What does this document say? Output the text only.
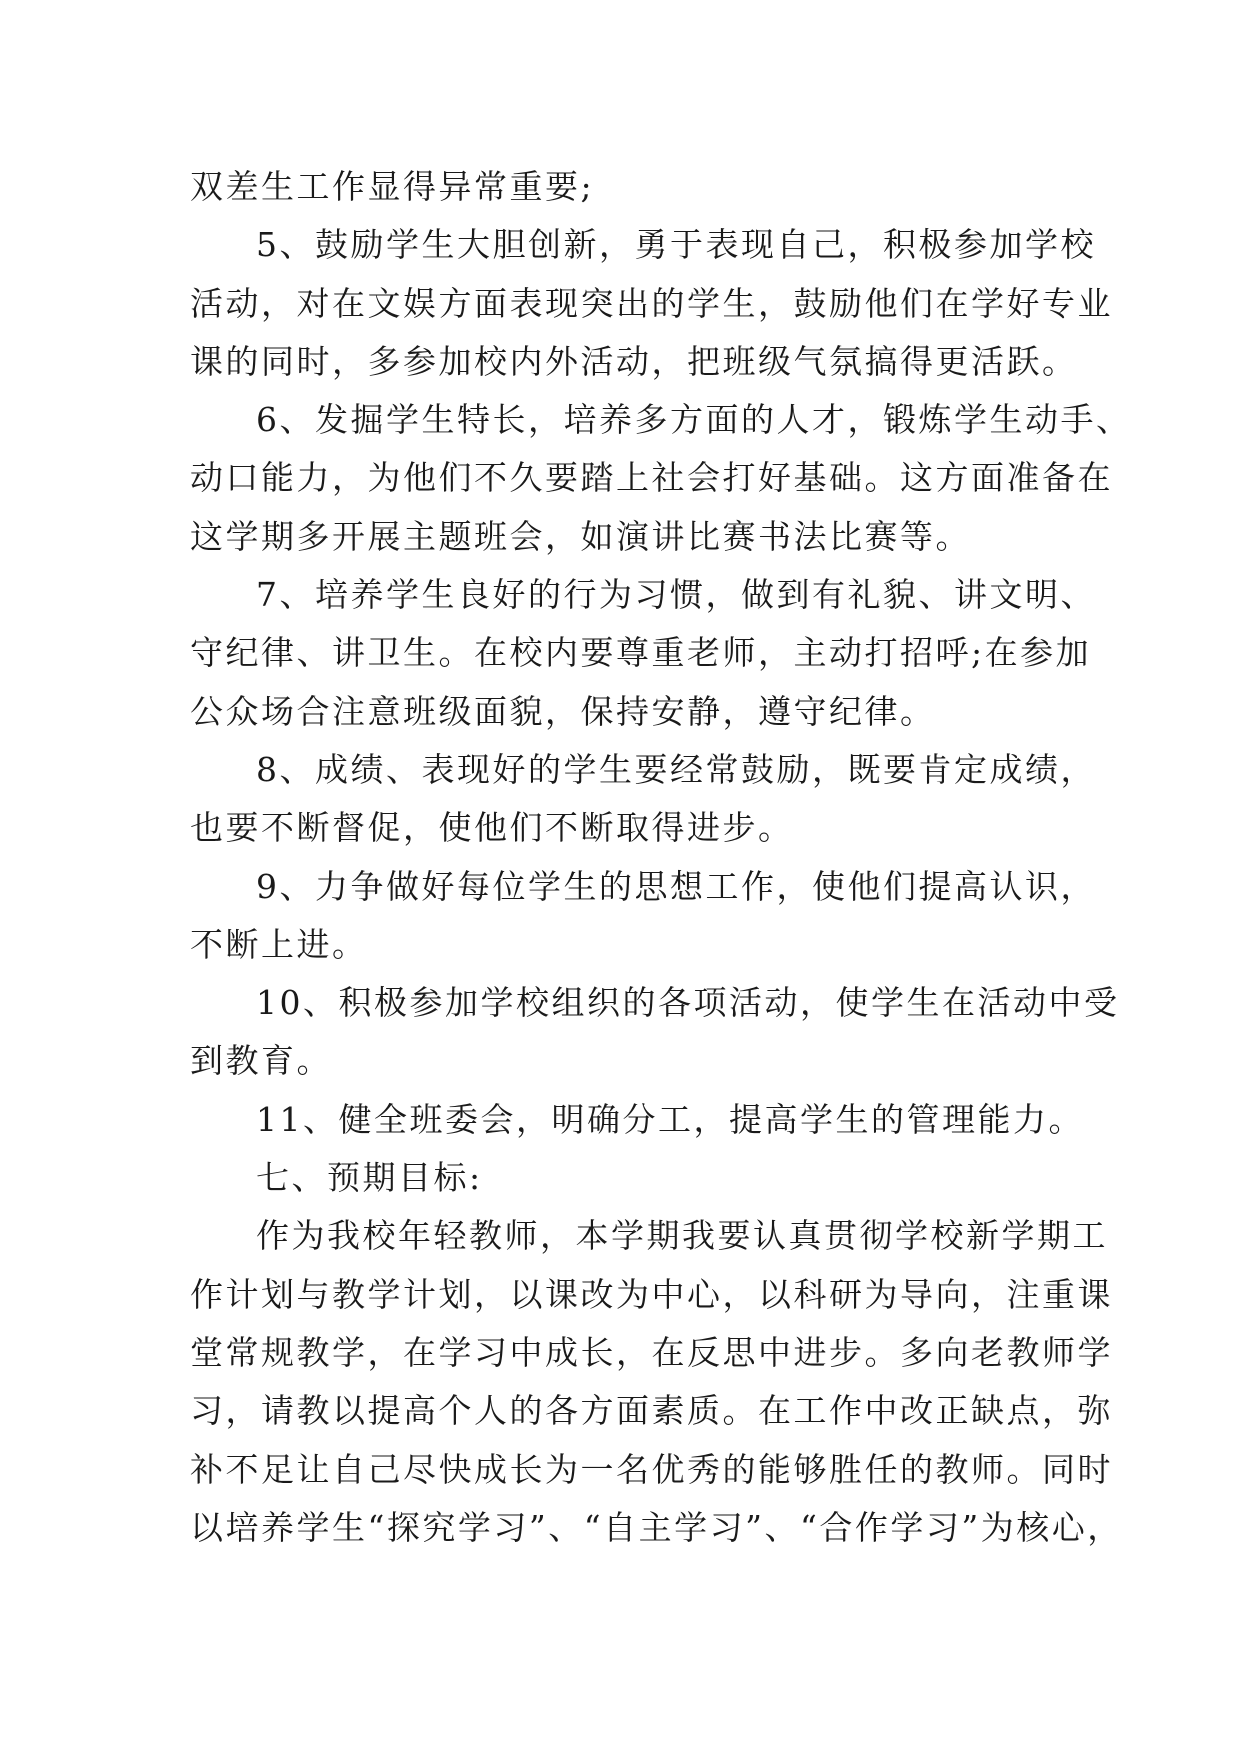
双差生工作显得异常重要;

5、鼓励学生大胆创新，勇于表现自己，积极参加学校
活动，对在文娱方面表现突出的学生，鼓励他们在学好专业
课的同时，多参加校内外活动，把班级气氛搞得更活跃。

6、发掘学生特长，培养多方面的人才，锻炼学生动手、
动口能力，为他们不久要踏上社会打好基础。这方面准备在
这学期多开展主题班会，如演讲比赛书法比赛等。

7、培养学生良好的行为习惯，做到有礼貌、讲文明、
守纪律、讲卫生。在校内要尊重老师，主动打招呼;在参加
公众场合注意班级面貌，保持安静，遵守纪律。

8、成绩、表现好的学生要经常鼓励，既要肯定成绩，
也要不断督促，使他们不断取得进步。

9、力争做好每位学生的思想工作，使他们提高认识，
不断上进。

10、积极参加学校组织的各项活动，使学生在活动中受
到教育。

11、健全班委会，明确分工，提高学生的管理能力。

七、预期目标:

作为我校年轻教师，本学期我要认真贯彻学校新学期工
作计划与教学计划，以课改为中心，以科研为导向，注重课
堂常规教学，在学习中成长，在反思中进步。多向老教师学
习，请教以提高个人的各方面素质。在工作中改正缺点，弥
补不足让自己尽快成长为一名优秀的能够胜任的教师。同时
以培养学生“探究学习”、“自主学习”、“合作学习”为核心，
